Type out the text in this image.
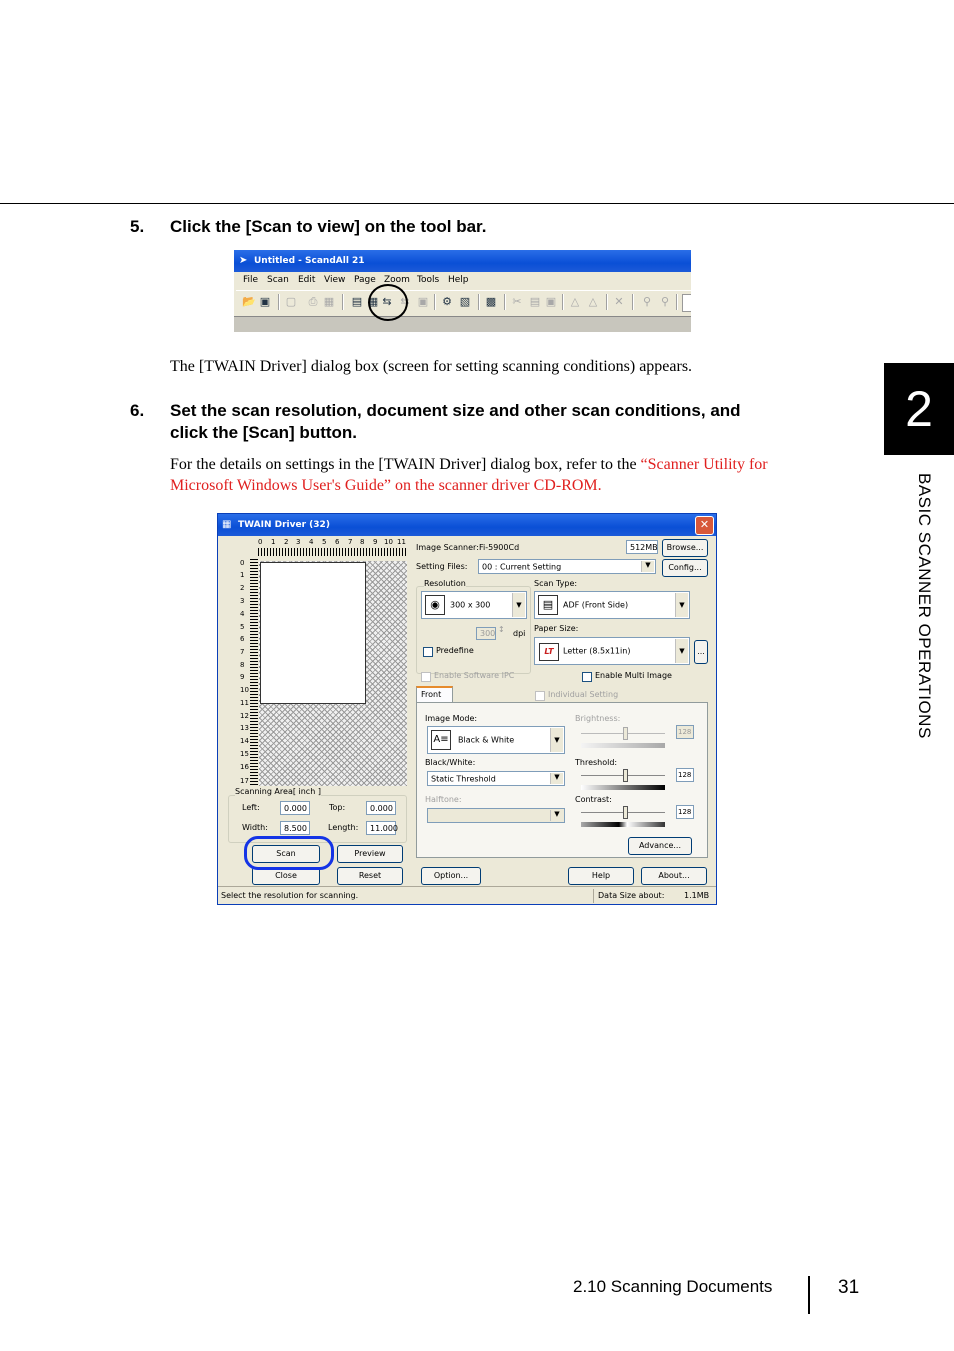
5. Click the [Scan to view] on the tool bar.
➤ Untitled - ScandAll 21
File Scan Edit View Page Zoom Tools Help
📂 ▣ ▢ ⎙ ▦ ▤ ▦ ⇆ ⇆ ▣ ⚙ ▧ ▩ ✂ ▤ ▣ △ △ ✕ ⚲ ⚲
The [TWAIN Driver] dialog box (screen for setting scanning conditions) appears.
6. Set the scan resolution, document size and other scan conditions, and
click the [Scan] button.
For the details on settings in the [TWAIN Driver] dialog box, refer to the “Scanner Utility for
Microsoft Windows User's Guide” on the scanner driver CD-ROM.
▦ TWAIN Driver (32)	✕
0 1 2 3 4 5 6 7 8 9 10 11
0
1
2
3
4
5
6
7
8
9
10
11
12
13
14
15
16
17
Scanning Area[ inch ]
Left:	0.000	Top:	0.000
Width:	8.500	Length:	11.000
Scan	Preview
Close	Reset
Image Scanner: Fi-5900Cd	512MB	Browse...
Setting Files: 00 : Current Setting	▼	Config...
Resolution
◉	300 x 300	▼
300 ↕ dpi
Predefine
Scan Type:
▤	ADF (Front Side)	▼
Paper Size:
LT	Letter (8.5x11in)	▼	...
Enable Software IPC	Enable Multi Image
Front	Individual Setting
Image Mode:
A≡ Black & White	▼
Black/White:
Static Threshold	▼
Halftone:
▼
Brightness:
128
Threshold:
128
Contrast:
128
Advance...
Option...	Help	About...
Select the resolution for scanning.	Data Size about: 1.1MB
2
BASIC SCANNER OPERATIONS
2.10 Scanning Documents	31
